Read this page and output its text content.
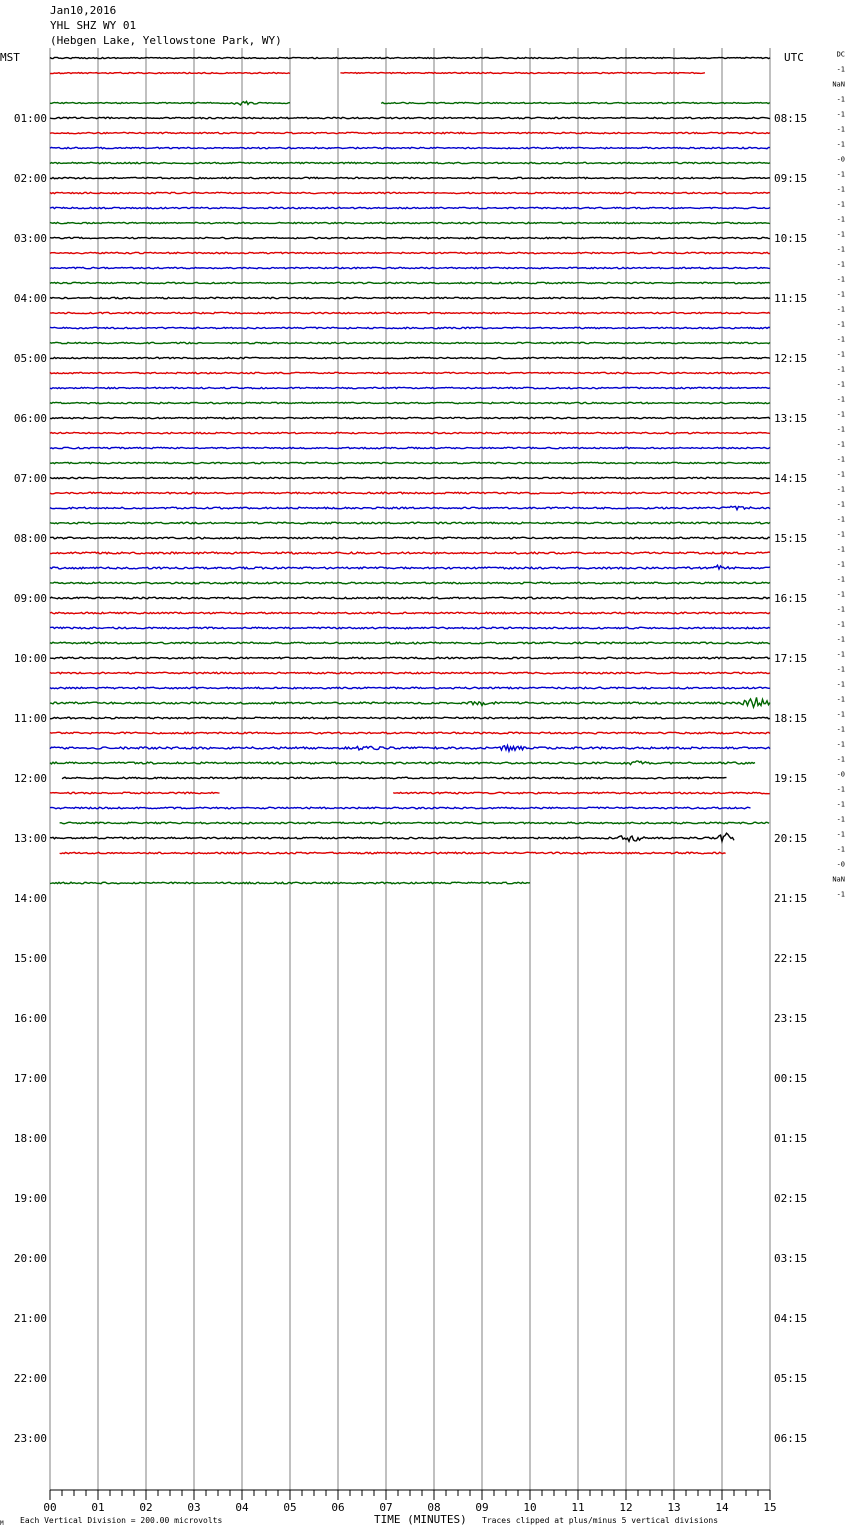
Jan10,2016
YHL SHZ WY 01
(Hebgen Lake, Yellowstone Park, WY)
00	01	02	03	04	05	06	07	08	09	10	11	12	13	14	15
01:00	08:15
02:00	09:15
03:00	10:15
04:00	11:15
05:00	12:15
06:00	13:15
07:00	14:15
08:00	15:15
09:00	16:15
10:00	17:15
11:00	18:15
12:00	19:15
13:00	20:15
14:00	21:15
15:00	22:15
16:00	23:15
17:00	00:15
18:00	01:15
19:00	02:15
20:00	03:15
21:00	04:15
22:00	05:15
23:00	06:15
DC
-1
NaN
-1
-1
-1
-1
-0
-1
-1
-1
-1
-1
-1
-1
-1
-1
-1
-1
-1
-1
-1
-1
-1
-1
-1
-1
-1
-1
-1
-1
-1
-1
-1
-1
-1
-1
-1
-1
-1
-1
-1
-1
-1
-1
-1
-1
-1
-0
-1
-1
-1
-1
-1
-0
NaN
-1
MST	UTC
M Each Vertical Division = 200.00 microvolts	TIME (MINUTES) Traces clipped at plus/minus 5 vertical divisions
